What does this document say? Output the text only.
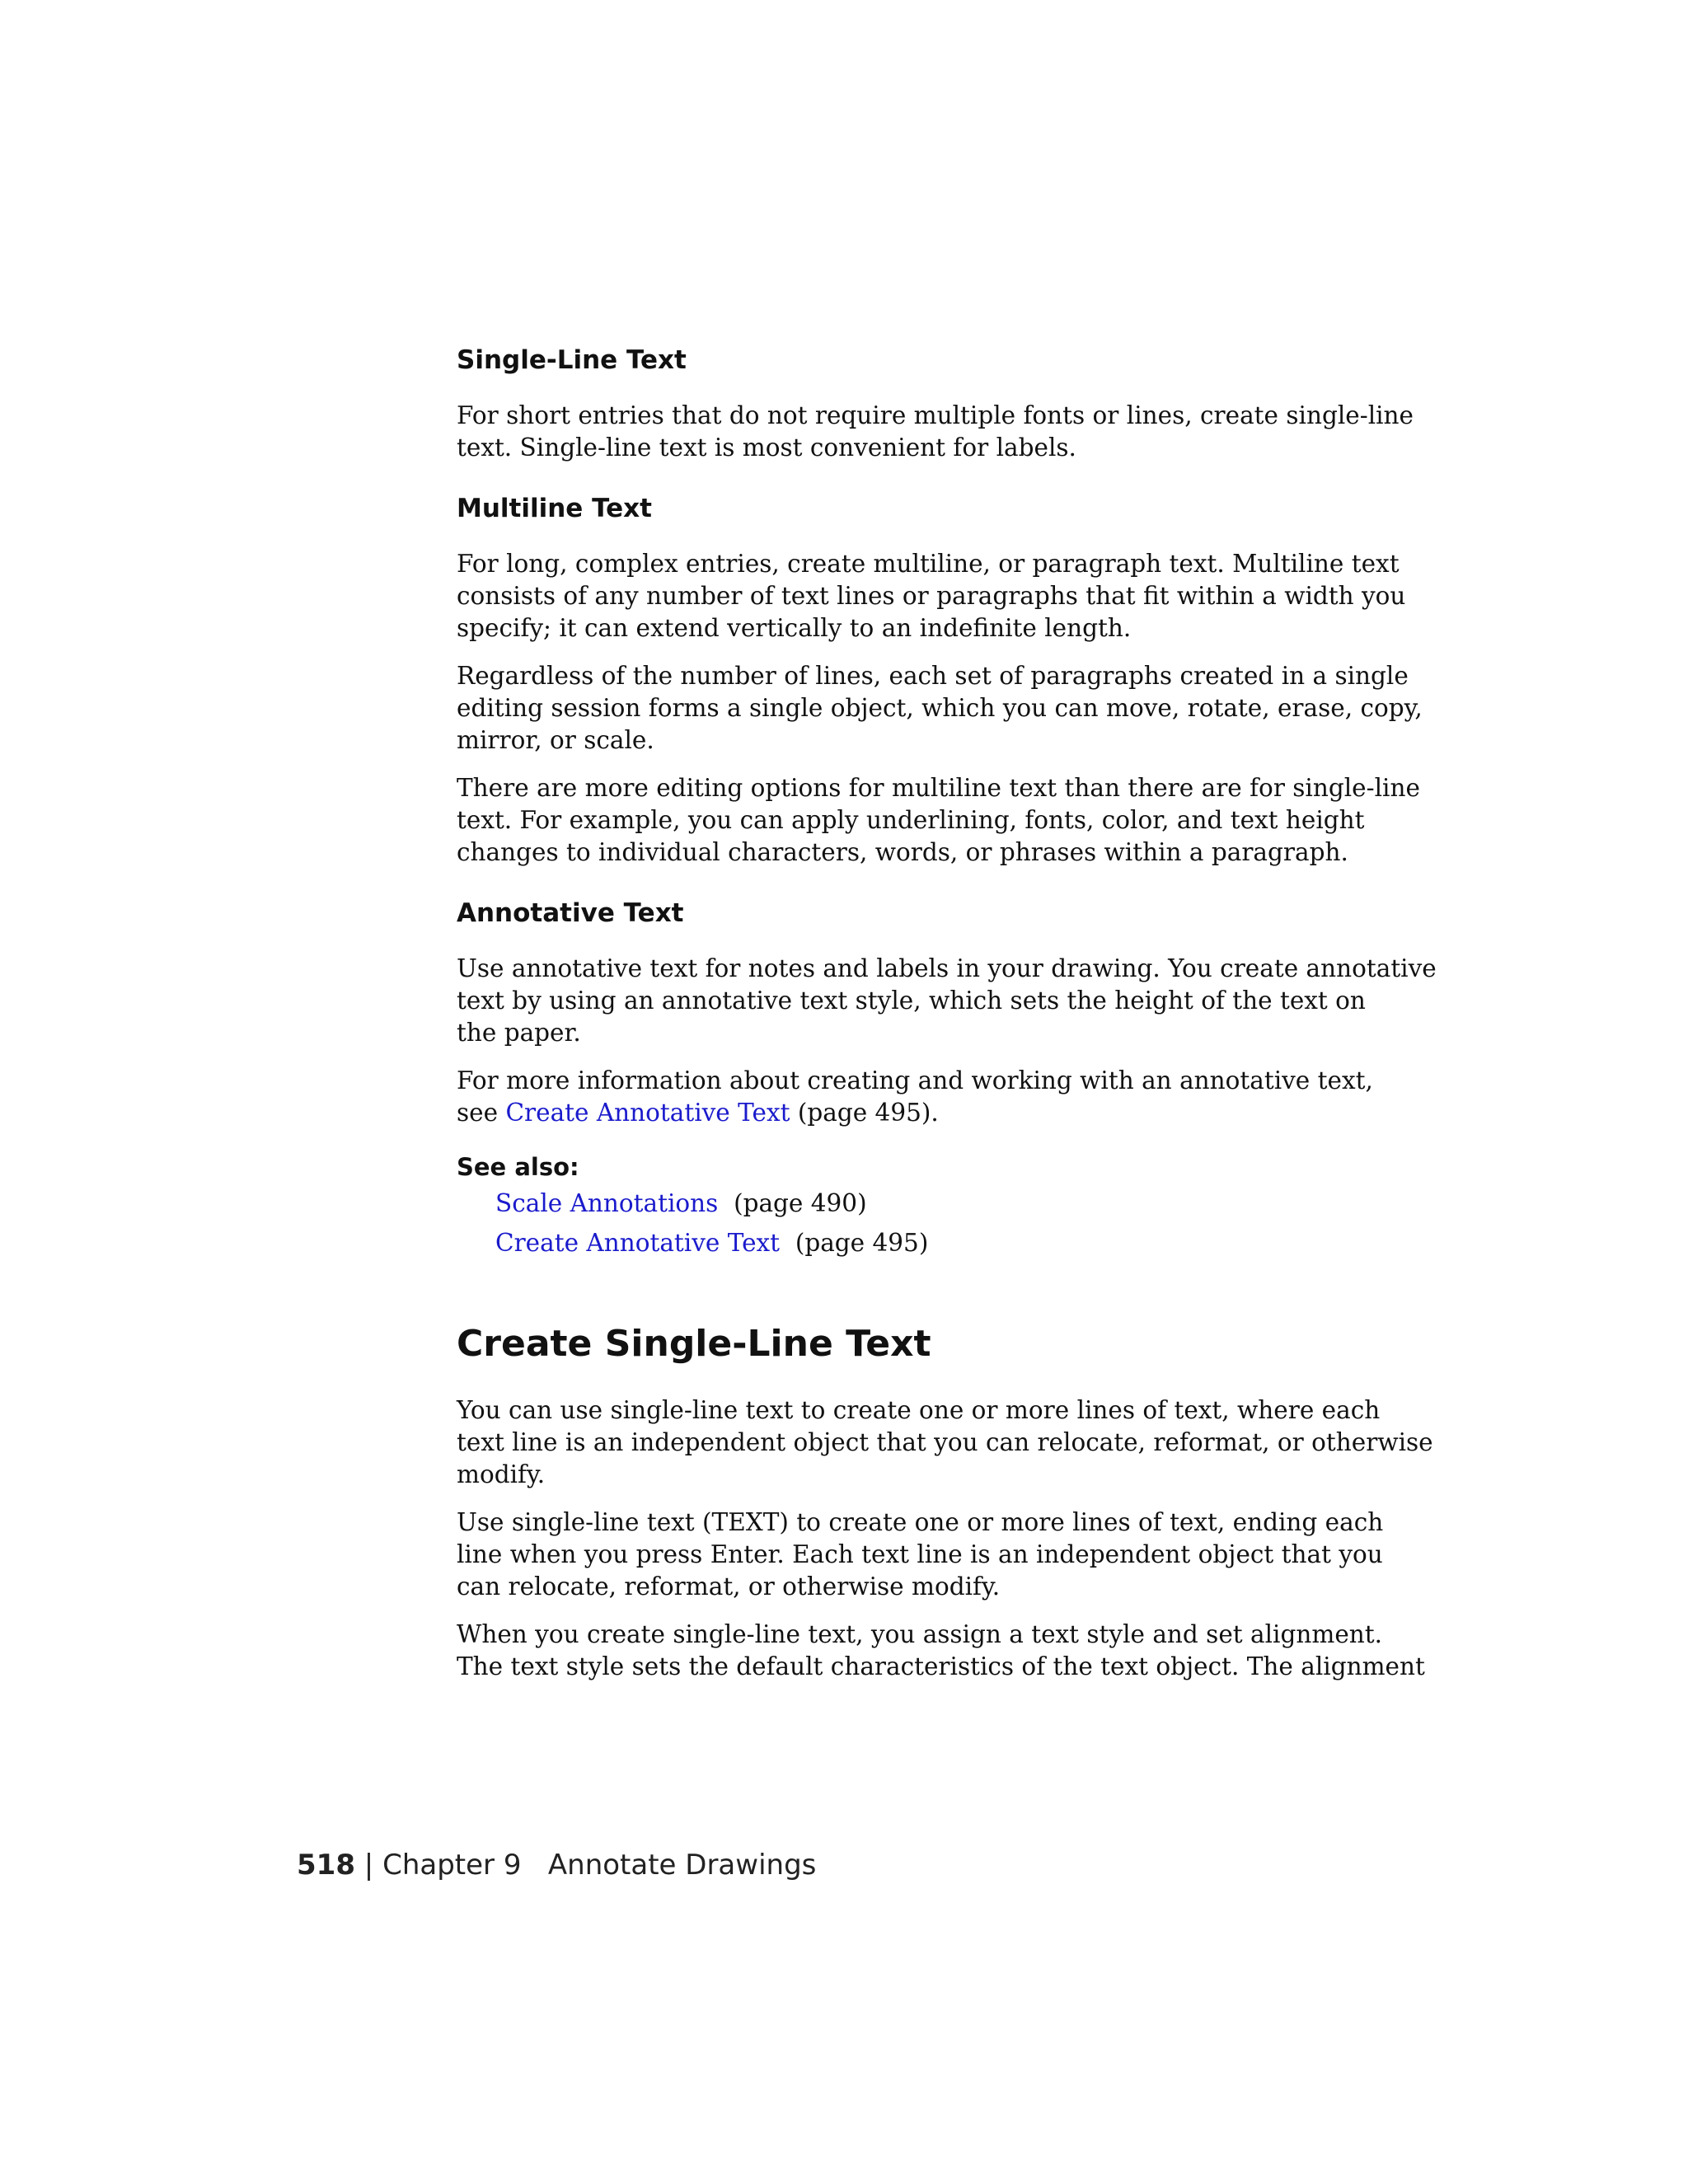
Single-Line Text

For short entries that do not require multiple fonts or lines, create single-line
text. Single-line text is most convenient for labels.

Multiline Text

For long, complex entries, create multiline, or paragraph text. Multiline text
consists of any number of text lines or paragraphs that fit within a width you
specify; it can extend vertically to an indefinite length.

Regardless of the number of lines, each set of paragraphs created in a single
editing session forms a single object, which you can move, rotate, erase, copy,
mirror, or scale.

There are more editing options for multiline text than there are for single-line
text. For example, you can apply underlining, fonts, color, and text height
changes to individual characters, words, or phrases within a paragraph.

Annotative Text

Use annotative text for notes and labels in your drawing. You create annotative
text by using an annotative text style, which sets the height of the text on
the paper.

For more information about creating and working with an annotative text,
see Create Annotative Text (page 495).

See also:

Scale Annotations (page 490)
Create Annotative Text (page 495)
Create Single-Line Text

You can use single-line text to create one or more lines of text, where each
text line is an independent object that you can relocate, reformat, or otherwise
modify.

Use single-line text (TEXT) to create one or more lines of text, ending each
line when you press Enter. Each text line is an independent object that you
can relocate, reformat, or otherwise modify.

When you create single-line text, you assign a text style and set alignment.
The text style sets the default characteristics of the text object. The alignment

518 | Chapter 9 Annotate Drawings
